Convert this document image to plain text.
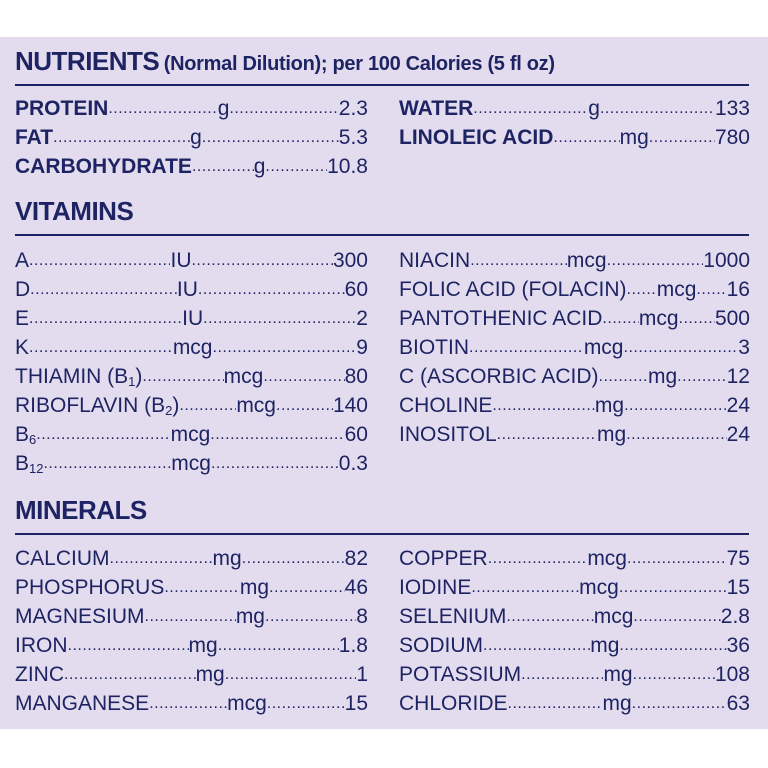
NUTRIENTS (Normal Dilution); per 100 Calories (5 fl oz)
PROTEIN .....	g .....	2.3
FAT .....	g .....	5.3
CARBOHYDRATE .....	g .....	10.8
WATER .....	g .....	133
LINOLEIC ACID .....	mg .....	780
VITAMINS
A .....	IU .....	300
D .....	IU .....	60
E .....	IU .....	2
K .....	mcg .....	9
THIAMIN $(B_1)$ .....	mcg .....	80
RIBOFLAVIN $(B_2)$ .....	mcg .....	140
$B_6$ .....	mcg .....	60
$B_{12}$ .....	mcg .....	0.3
NIACIN .....	mcg .....	1000
FOLIC ACID (FOLACIN) ..... mcg ..... 16
PANTOTHENIC ACID ..... mcg ..... 500
BIOTIN .....	mcg .....	3
C (ASCORBIC ACID) ..... mg ..... 12
CHOLINE .....	mg .....	24
INOSITOL .....	mg .....	24
MINERALS
CALCIUM .....	mg .....	82
PHOSPHORUS .....	mg .....	46
MAGNESIUM .....	mg .....	8
IRON .....	mg .....	1.8
ZINC .....	mg .....	1
MANGANESE .....	mcg .....	15
COPPER .....	mcg .....	75
IODINE .....	mcg .....	15
SELENIUM .....	mcg .....	2.8
SODIUM .....	mg .....	36
POTASSIUM .....	mg .....	108
CHLORIDE .....	mg .....	63
